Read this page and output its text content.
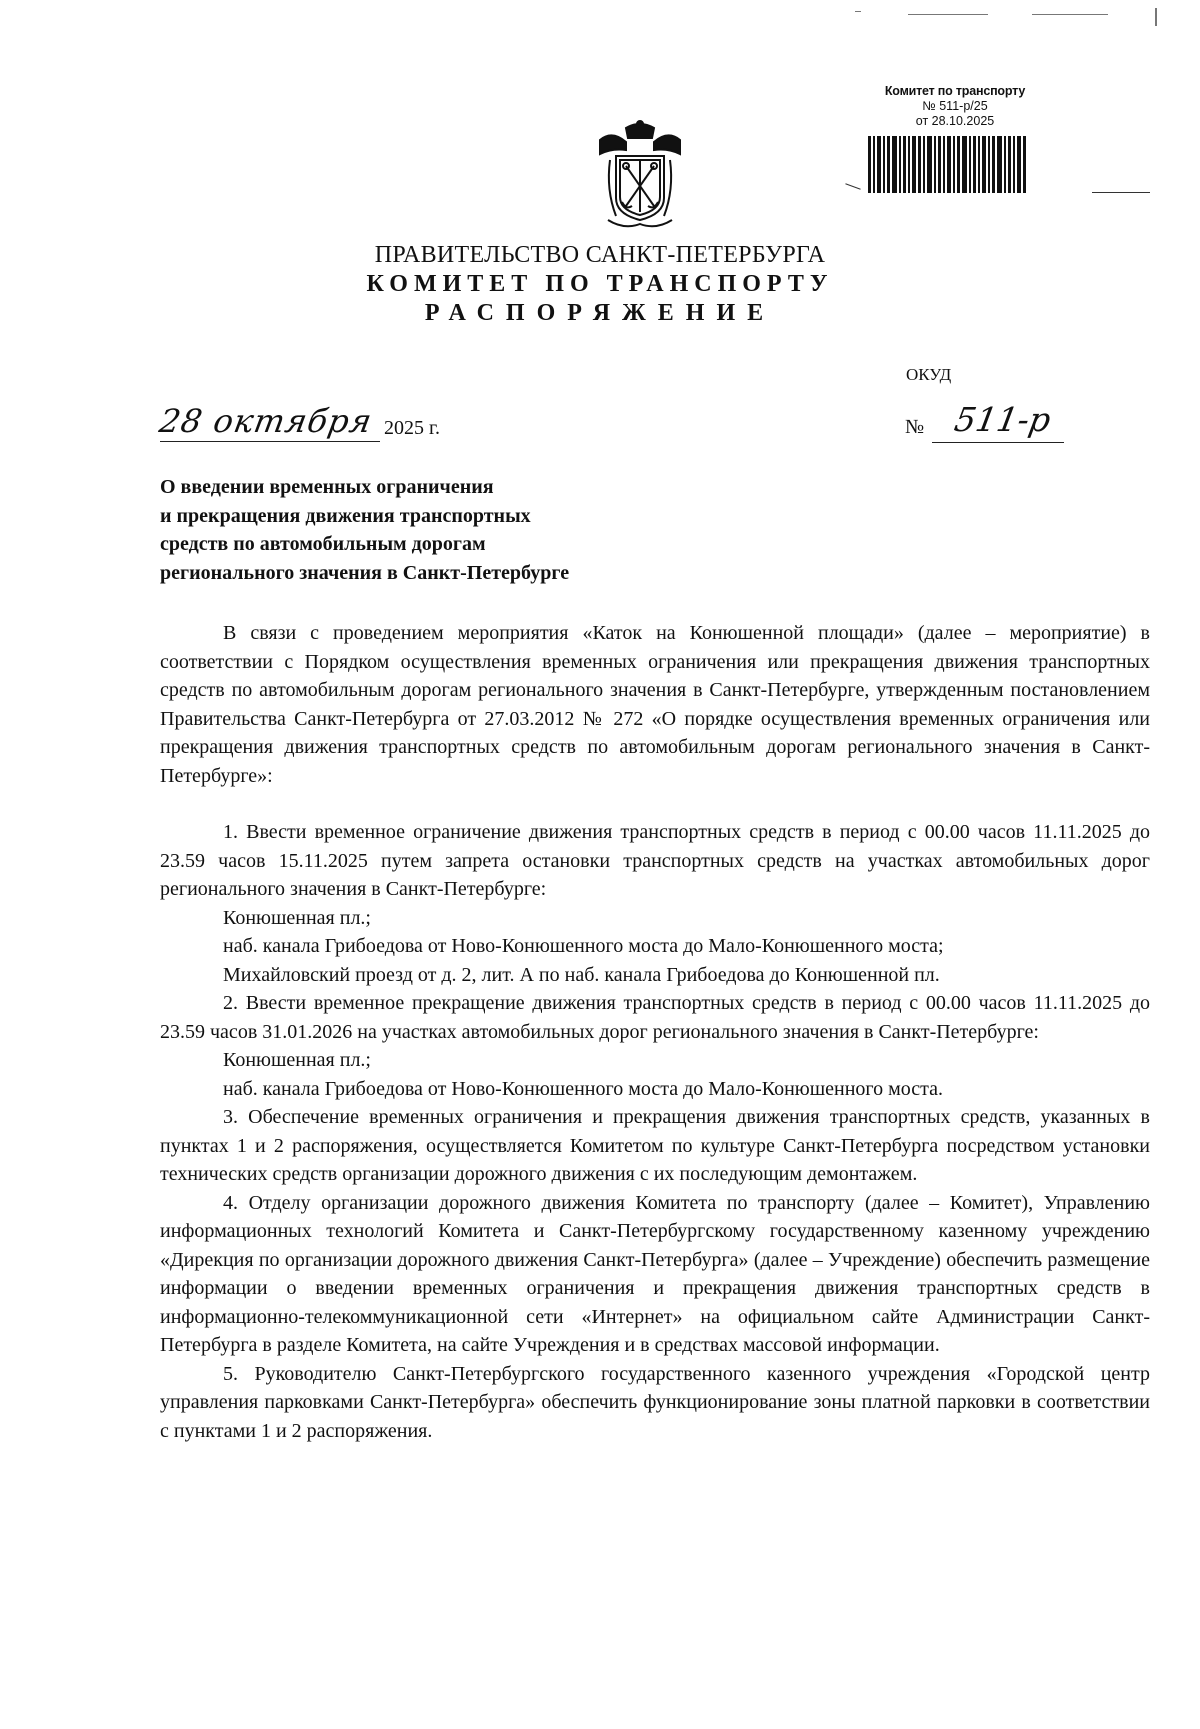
Комитет по транспорту
№ 511-р/25
от 28.10.2025
ПРАВИТЕЛЬСТВО САНКТ-ПЕТЕРБУРГА
КОМИТЕТ ПО ТРАНСПОРТУ
РАСПОРЯЖЕНИЕ
ОКУД
28 октября 2025 г.	№ 511-р
О введении временных ограничения
и прекращения движения транспортных
средств по автомобильным дорогам
регионального значения в Санкт-Петербурге

В связи с проведением мероприятия «Каток на Конюшенной площади» (далее – мероприятие) в соответствии с Порядком осуществления временных ограничения или прекращения движения транспортных средств по автомобильным дорогам регионального значения в Санкт-Петербурге, утвержденным постановлением Правительства Санкт-Петербурга от 27.03.2012 № 272 «О порядке осуществления временных ограничения или прекращения движения транспортных средств по автомобильным дорогам регионального значения в Санкт-Петербурге»:

1. Ввести временное ограничение движения транспортных средств в период с 00.00 часов 11.11.2025 до 23.59 часов 15.11.2025 путем запрета остановки транспортных средств на участках автомобильных дорог регионального значения в Санкт-Петербурге:

Конюшенная пл.;

наб. канала Грибоедова от Ново-Конюшенного моста до Мало-Конюшенного моста;

Михайловский проезд от д. 2, лит. А по наб. канала Грибоедова до Конюшенной пл.

2. Ввести временное прекращение движения транспортных средств в период с 00.00 часов 11.11.2025 до 23.59 часов 31.01.2026 на участках автомобильных дорог регионального значения в Санкт-Петербурге:

Конюшенная пл.;

наб. канала Грибоедова от Ново-Конюшенного моста до Мало-Конюшенного моста.

3. Обеспечение временных ограничения и прекращения движения транспортных средств, указанных в пунктах 1 и 2 распоряжения, осуществляется Комитетом по культуре Санкт-Петербурга посредством установки технических средств организации дорожного движения с их последующим демонтажем.

4. Отделу организации дорожного движения Комитета по транспорту (далее – Комитет), Управлению информационных технологий Комитета и Санкт-Петербургскому государственному казенному учреждению «Дирекция по организации дорожного движения Санкт-Петербурга» (далее – Учреждение) обеспечить размещение информации о введении временных ограничения и прекращения движения транспортных средств в информационно-телекоммуникационной сети «Интернет» на официальном сайте Администрации Санкт-Петербурга в разделе Комитета, на сайте Учреждения и в средствах массовой информации.

5. Руководителю Санкт-Петербургского государственного казенного учреждения «Городской центр управления парковками Санкт-Петербурга» обеспечить функционирование зоны платной парковки в соответствии с пунктами 1 и 2 распоряжения.
